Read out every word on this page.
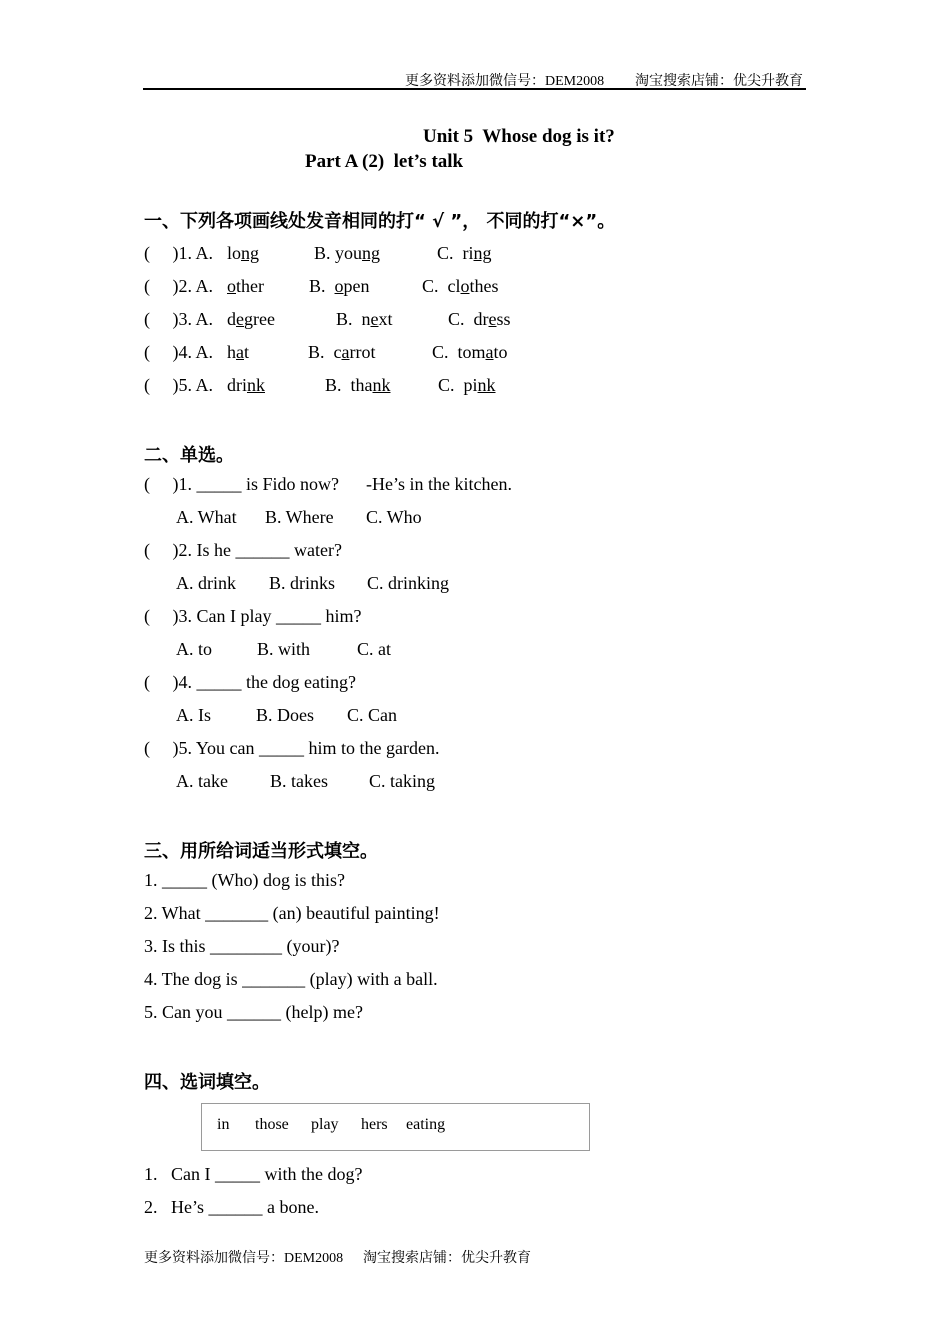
更多资料添加微信号：DEM2008 淘宝搜索店铺：优尖升教育
Unit 5  Whose dog is it?
Part A (2)  let’s talk
一、下列各项画线处发音相同的打“ √ ”， 不同的打“×”。
(     )1. A. long	B. young	C.  ring
(     )2. A. other	B.  open	C.  clothes
(     )3. A. degree	B.  next	C.  dress
(     )4. A. hat	B.  carrot	C.  tomato
(     )5. A. drink	B.  thank	C.  pink
二、单选。
(     )1. _____ is Fido now?      -He’s in the kitchen.
A. What B. Where C. Who
(     )2. Is he ______ water?
A. drink B. drinks C. drinking
(     )3. Can I play _____ him?
A. to	B. with	C. at
(     )4. _____ the dog eating?
A. Is	B. Does C. Can
(     )5. You can _____ him to the garden.
A. take B. takes C. taking
三、用所给词适当形式填空。
1. _____ (Who) dog is this?
2. What _______ (an) beautiful painting!
3. Is this ________ (your)?
4. The dog is _______ (play) with a ball.
5. Can you ______ (help) me?
四、选词填空。
in those play hers eating
1.   Can I _____ with the dog?
2.   He’s ______ a bone.
更多资料添加微信号：DEM2008 淘宝搜索店铺：优尖升教育
